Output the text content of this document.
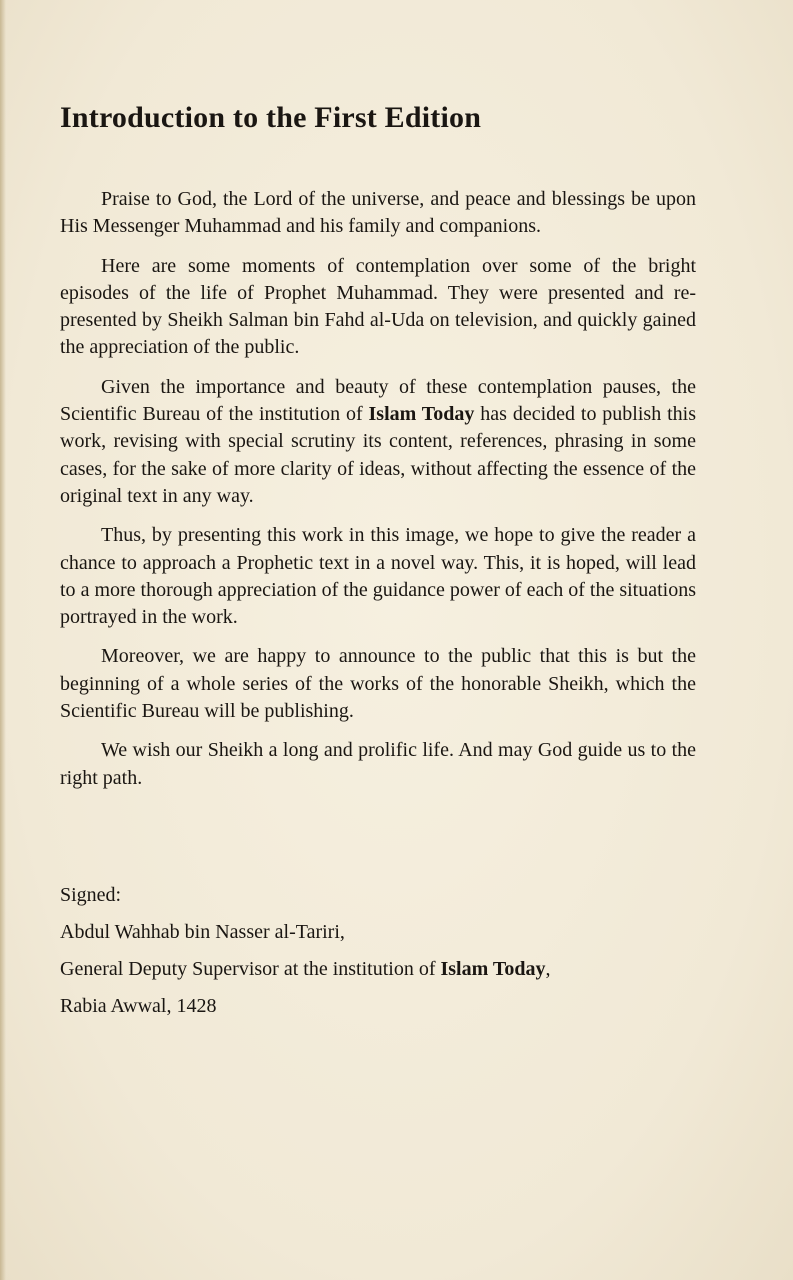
Introduction to the First Edition

Praise to God, the Lord of the universe, and peace and blessings be upon His Messenger Muhammad and his family and companions.

Here are some moments of contemplation over some of the bright episodes of the life of Prophet Muhammad. They were presented and re-presented by Sheikh Salman bin Fahd al-Uda on television, and quickly gained the appreciation of the public.

Given the importance and beauty of these contemplation pauses, the Scientific Bureau of the institution of Islam Today has decided to publish this work, revising with special scrutiny its content, references, phrasing in some cases, for the sake of more clarity of ideas, without affecting the essence of the original text in any way.

Thus, by presenting this work in this image, we hope to give the reader a chance to approach a Prophetic text in a novel way. This, it is hoped, will lead to a more thorough appreciation of the guidance power of each of the situations portrayed in the work.

Moreover, we are happy to announce to the public that this is but the beginning of a whole series of the works of the honorable Sheikh, which the Scientific Bureau will be publishing.

We wish our Sheikh a long and prolific life. And may God guide us to the right path.

Signed:
Abdul Wahhab bin Nasser al-Tariri,
General Deputy Supervisor at the institution of Islam Today,
Rabia Awwal, 1428
